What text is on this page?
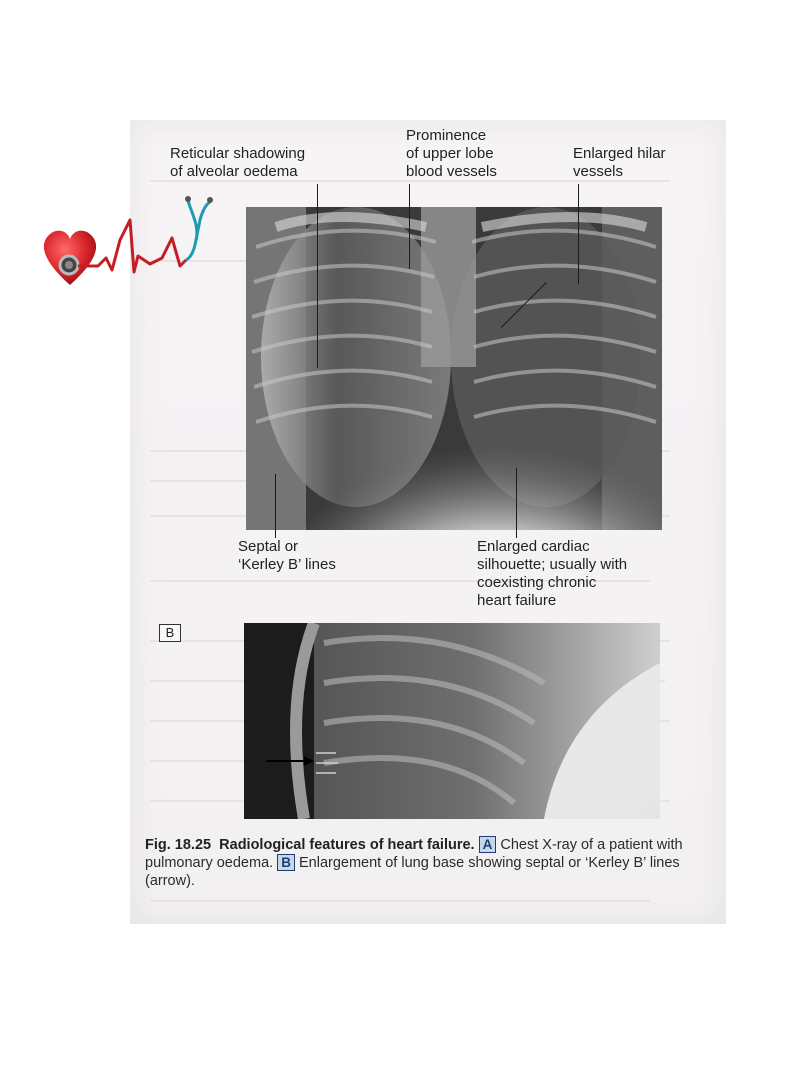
Reticular shadowing
of alveolar oedema

Prominence
of upper lobe
blood vessels

Enlarged hilar
vessels

Septal or
‘Kerley B’ lines

Enlarged cardiac
silhouette; usually with
coexisting chronic
heart failure

B
Fig. 18.25 Radiological features of heart failure. A Chest X-ray of a patient with pulmonary oedema. B Enlargement of lung base showing septal or ‘Kerley B’ lines (arrow).
